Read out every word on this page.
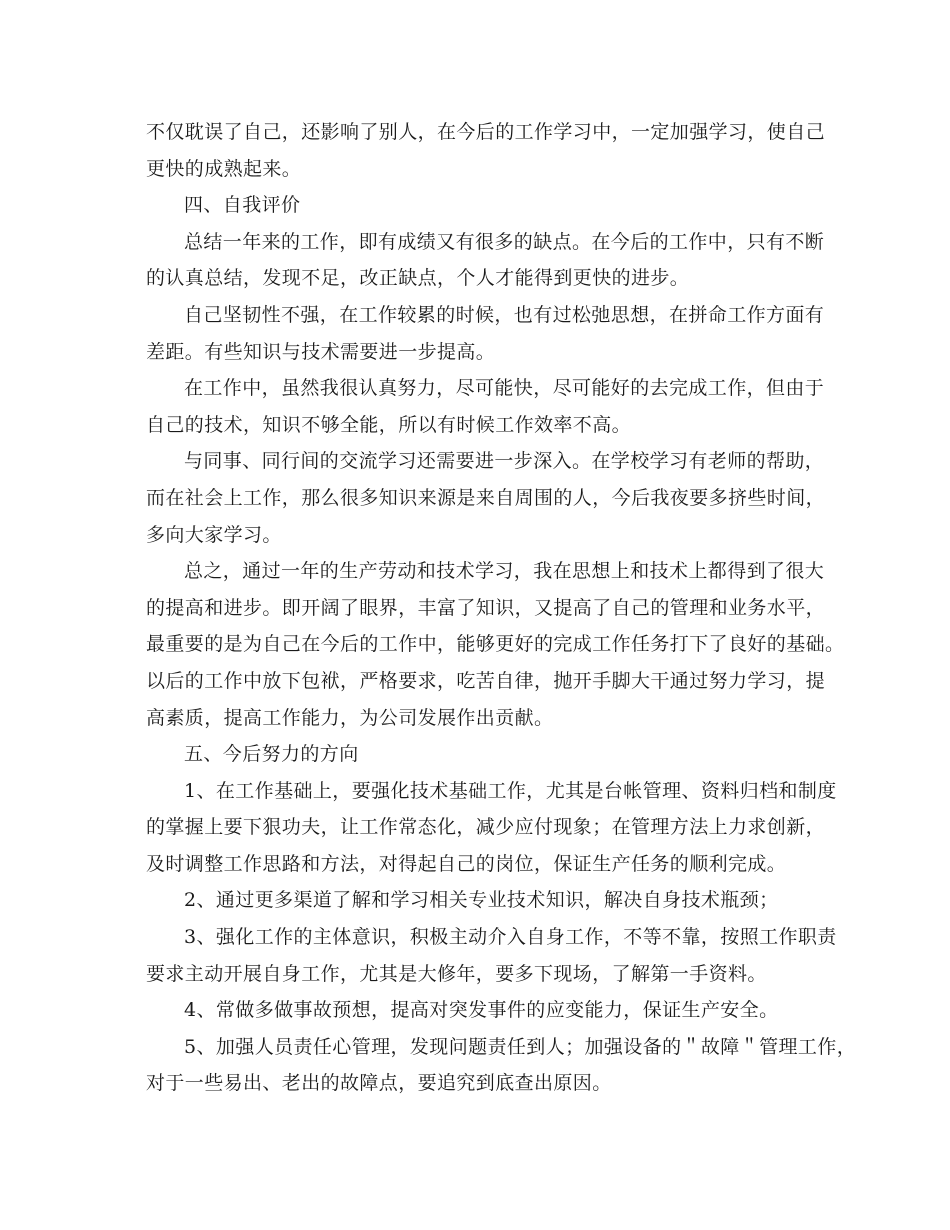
不仅耽误了自己，还影响了别人，在今后的工作学习中，一定加强学习，使自己
更快的成熟起来。
四、自我评价
总结一年来的工作，即有成绩又有很多的缺点。在今后的工作中，只有不断
的认真总结，发现不足，改正缺点，个人才能得到更快的进步。
自己坚韧性不强，在工作较累的时候，也有过松弛思想，在拼命工作方面有
差距。有些知识与技术需要进一步提高。
在工作中，虽然我很认真努力，尽可能快，尽可能好的去完成工作，但由于
自己的技术，知识不够全能，所以有时候工作效率不高。
与同事、同行间的交流学习还需要进一步深入。在学校学习有老师的帮助，
而在社会上工作，那么很多知识来源是来自周围的人，今后我夜要多挤些时间，
多向大家学习。
总之，通过一年的生产劳动和技术学习，我在思想上和技术上都得到了很大
的提高和进步。即开阔了眼界，丰富了知识，又提高了自己的管理和业务水平，
最重要的是为自己在今后的工作中，能够更好的完成工作任务打下了良好的基础。
以后的工作中放下包袱，严格要求，吃苦自律，抛开手脚大干通过努力学习，提
高素质，提高工作能力，为公司发展作出贡献。
五、今后努力的方向
1、在工作基础上，要强化技术基础工作，尤其是台帐管理、资料归档和制度
的掌握上要下狠功夫，让工作常态化，减少应付现象；在管理方法上力求创新，
及时调整工作思路和方法，对得起自己的岗位，保证生产任务的顺利完成。
2、通过更多渠道了解和学习相关专业技术知识，解决自身技术瓶颈；
3、强化工作的主体意识，积极主动介入自身工作，不等不靠，按照工作职责
要求主动开展自身工作，尤其是大修年，要多下现场，了解第一手资料。
4、常做多做事故预想，提高对突发事件的应变能力，保证生产安全。
5、加强人员责任心管理，发现问题责任到人；加强设备的＂故障＂管理工作，
对于一些易出、老出的故障点，要追究到底查出原因。
